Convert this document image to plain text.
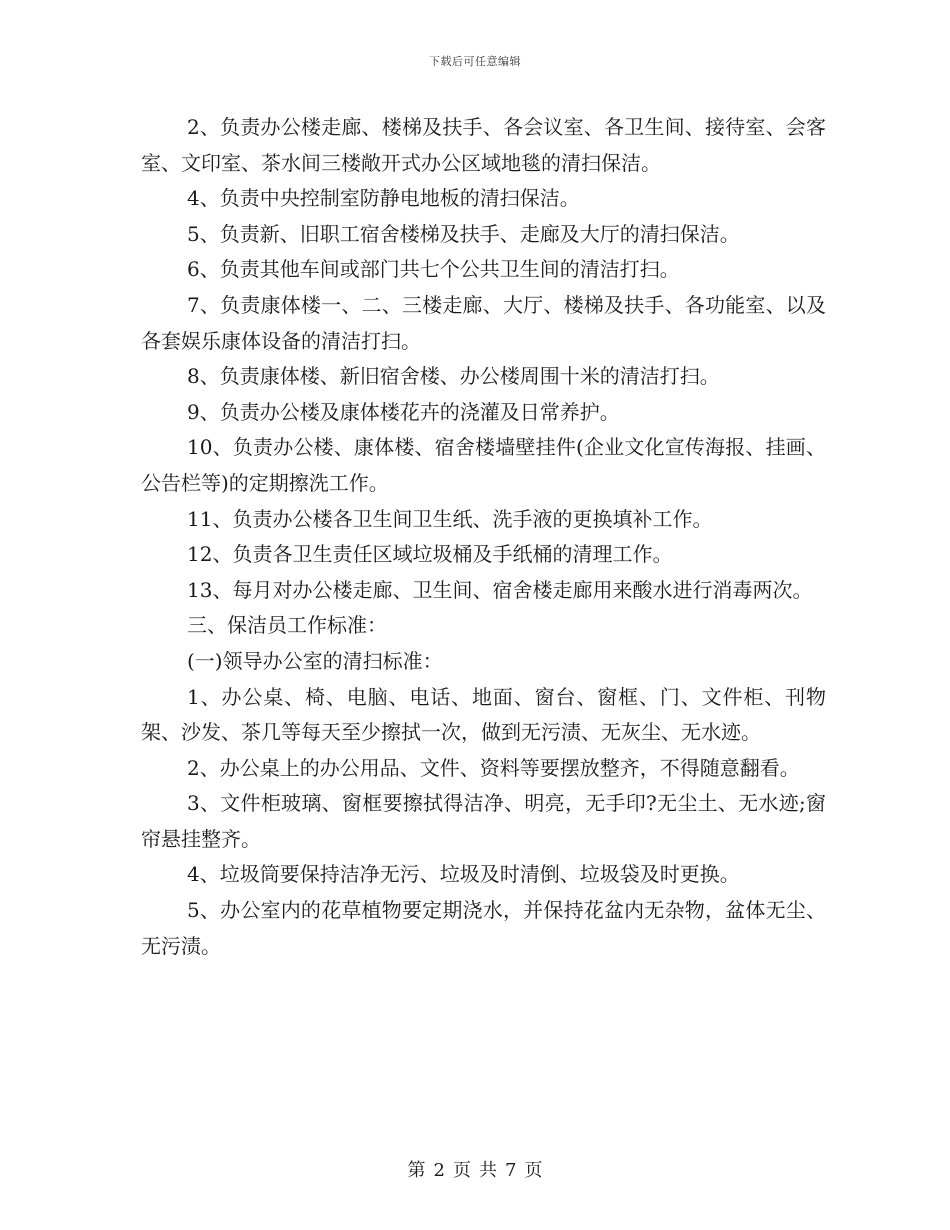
下载后可任意编辑

2、负责办公楼走廊、楼梯及扶手、各会议室、各卫生间、接待室、会客室、文印室、茶水间三楼敞开式办公区域地毯的清扫保洁。

4、负责中央控制室防静电地板的清扫保洁。

5、负责新、旧职工宿舍楼梯及扶手、走廊及大厅的清扫保洁。

6、负责其他车间或部门共七个公共卫生间的清洁打扫。

7、负责康体楼一、二、三楼走廊、大厅、楼梯及扶手、各功能室、以及各套娱乐康体设备的清洁打扫。

8、负责康体楼、新旧宿舍楼、办公楼周围十米的清洁打扫。

9、负责办公楼及康体楼花卉的浇灌及日常养护。

10、负责办公楼、康体楼、宿舍楼墙壁挂件(企业文化宣传海报、挂画、公告栏等)的定期擦洗工作。

11、负责办公楼各卫生间卫生纸、洗手液的更换填补工作。

12、负责各卫生责任区域垃圾桶及手纸桶的清理工作。

13、每月对办公楼走廊、卫生间、宿舍楼走廊用来酸水进行消毒两次。

三、保洁员工作标准：

(一)领导办公室的清扫标准：

1、办公桌、椅、电脑、电话、地面、窗台、窗框、门、文件柜、刊物架、沙发、茶几等每天至少擦拭一次，做到无污渍、无灰尘、无水迹。

2、办公桌上的办公用品、文件、资料等要摆放整齐，不得随意翻看。

3、文件柜玻璃、窗框要擦拭得洁净、明亮，无手印?无尘土、无水迹;窗帘悬挂整齐。

4、垃圾筒要保持洁净无污、垃圾及时清倒、垃圾袋及时更换。

5、办公室内的花草植物要定期浇水，并保持花盆内无杂物，盆体无尘、无污渍。

第 2 页 共 7 页
